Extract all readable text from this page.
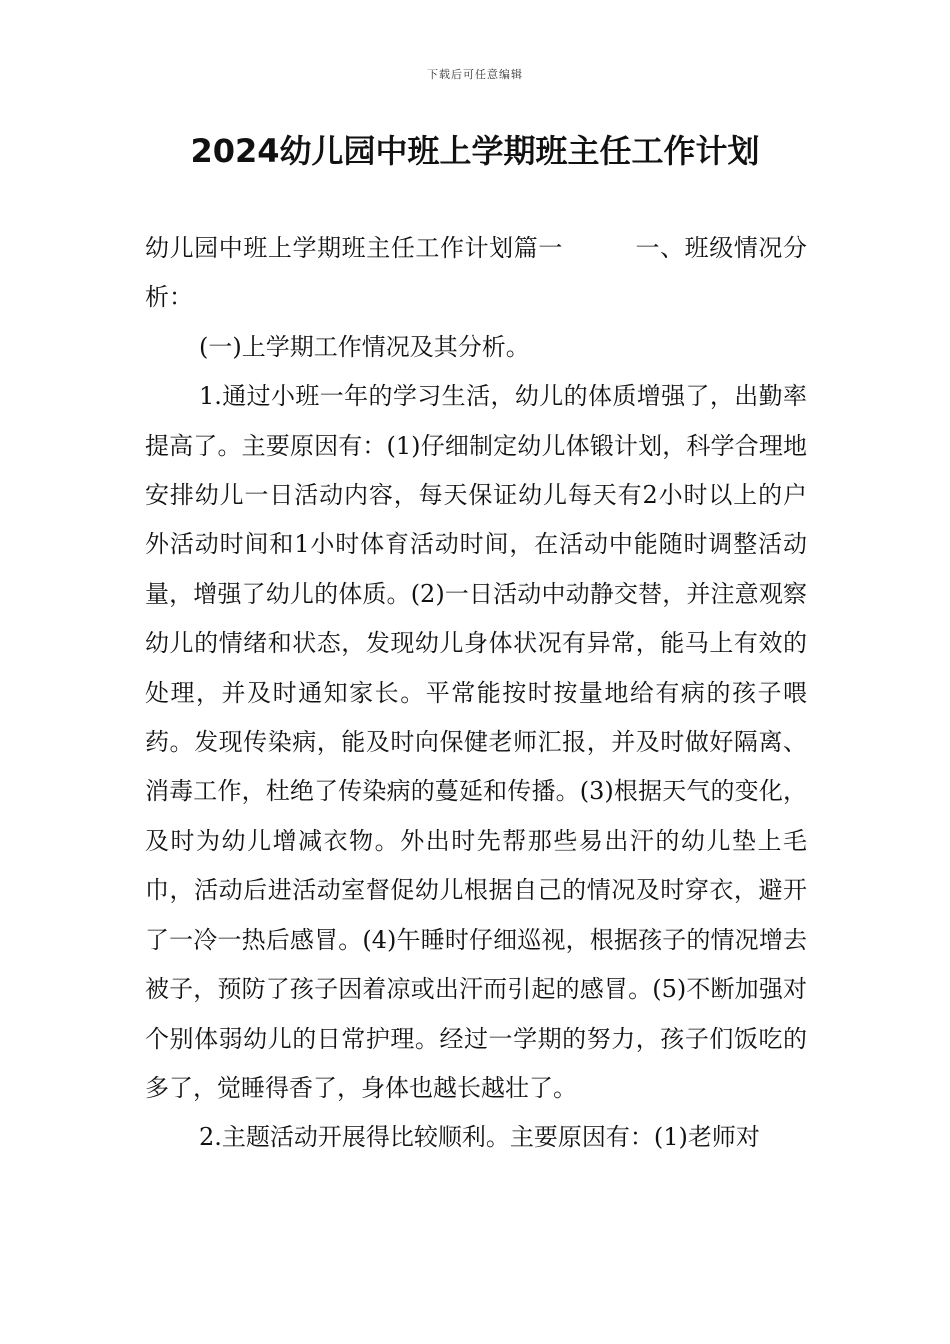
下载后可任意编辑
2024幼儿园中班上学期班主任工作计划

幼儿园中班上学期班主任工作计划篇一	一、班级情况分析：

(一)上学期工作情况及其分析。

1.通过小班一年的学习生活，幼儿的体质增强了，出勤率提高了。主要原因有：(1)仔细制定幼儿体锻计划，科学合理地安排幼儿一日活动内容，每天保证幼儿每天有2小时以上的户外活动时间和1小时体育活动时间，在活动中能随时调整活动量，增强了幼儿的体质。(2)一日活动中动静交替，并注意观察幼儿的情绪和状态，发现幼儿身体状况有异常，能马上有效的处理，并及时通知家长。平常能按时按量地给有病的孩子喂药。发现传染病，能及时向保健老师汇报，并及时做好隔离、消毒工作，杜绝了传染病的蔓延和传播。(3)根据天气的变化，及时为幼儿增减衣物。外出时先帮那些易出汗的幼儿垫上毛巾，活动后进活动室督促幼儿根据自己的情况及时穿衣，避开了一冷一热后感冒。(4)午睡时仔细巡视，根据孩子的情况增去被子，预防了孩子因着凉或出汗而引起的感冒。(5)不断加强对个别体弱幼儿的日常护理。经过一学期的努力，孩子们饭吃的多了，觉睡得香了，身体也越长越壮了。

2.主题活动开展得比较顺利。主要原因有：(1)老师对
